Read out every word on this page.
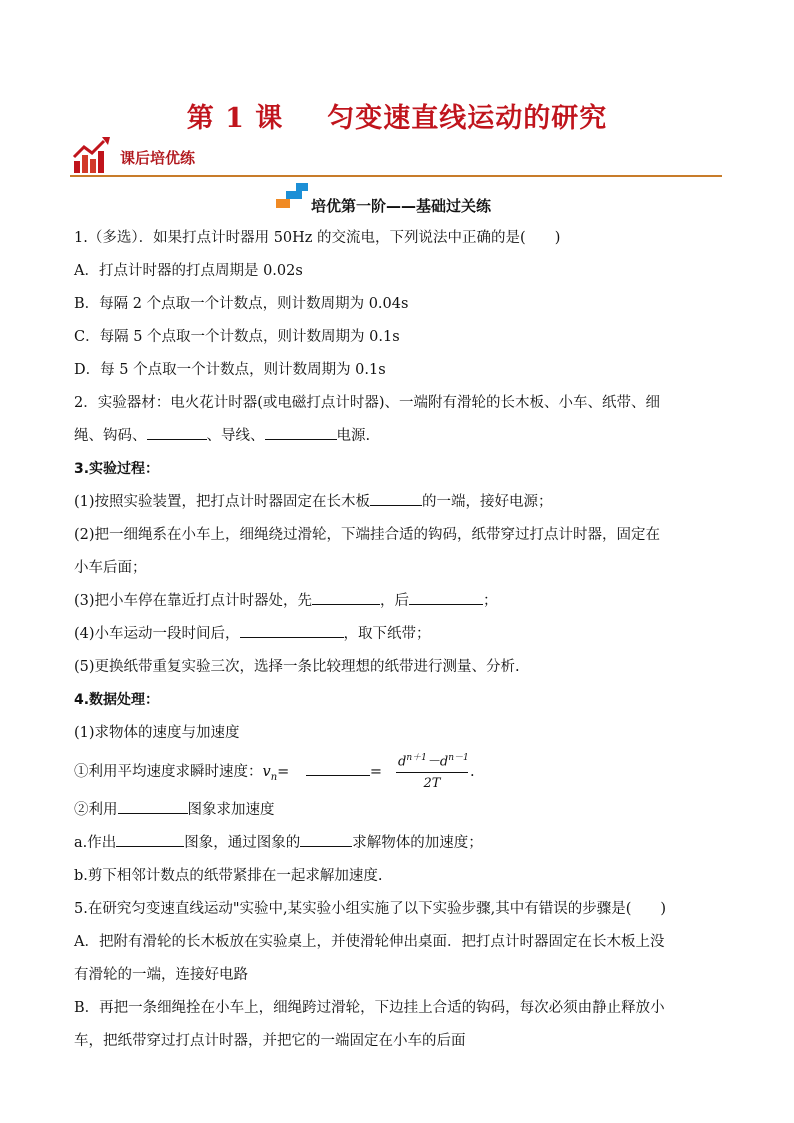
第 1 课 匀变速直线运动的研究
课后培优练
培优第一阶——基础过关练
1.（多选）．如果打点计时器用 50Hz 的交流电，下列说法中正确的是(　　)
A．打点计时器的打点周期是 0.02s
B．每隔 2 个点取一个计数点，则计数周期为 0.04s
C．每隔 5 个点取一个计数点，则计数周期为 0.1s
D．每 5 个点取一个计数点，则计数周期为 0.1s
2．实验器材：电火花计时器(或电磁打点计时器)、一端附有滑轮的长木板、小车、纸带、细
绳、钩码、	、导线、	电源.
3.实验过程：
(1)按照实验装置，把打点计时器固定在长木板	的一端，接好电源；
(2)把一细绳系在小车上，细绳绕过滑轮，下端挂合适的钩码，纸带穿过打点计时器，固定在
小车后面；
(3)把小车停在靠近打点计时器处，先	，后	；
(4)小车运动一段时间后，	，取下纸带；
(5)更换纸带重复实验三次，选择一条比较理想的纸带进行测量、分析.
4.数据处理：
(1)求物体的速度与加速度
①利用平均速度求瞬时速度：$v_n=$	= $\frac{d^{n+1}-d^{n-1}}{2T}$ .
②利用	图象求加速度
a.作出	图象，通过图象的	求解物体的加速度；
b.剪下相邻计数点的纸带紧排在一起求解加速度.
5.在研究匀变速直线运动"实验中,某实验小组实施了以下实验步骤,其中有错误的步骤是(　　)
A．把附有滑轮的长木板放在实验桌上，并使滑轮伸出桌面．把打点计时器固定在长木板上没
有滑轮的一端，连接好电路
B．再把一条细绳拴在小车上，细绳跨过滑轮，下边挂上合适的钩码，每次必须由静止释放小
车，把纸带穿过打点计时器，并把它的一端固定在小车的后面
